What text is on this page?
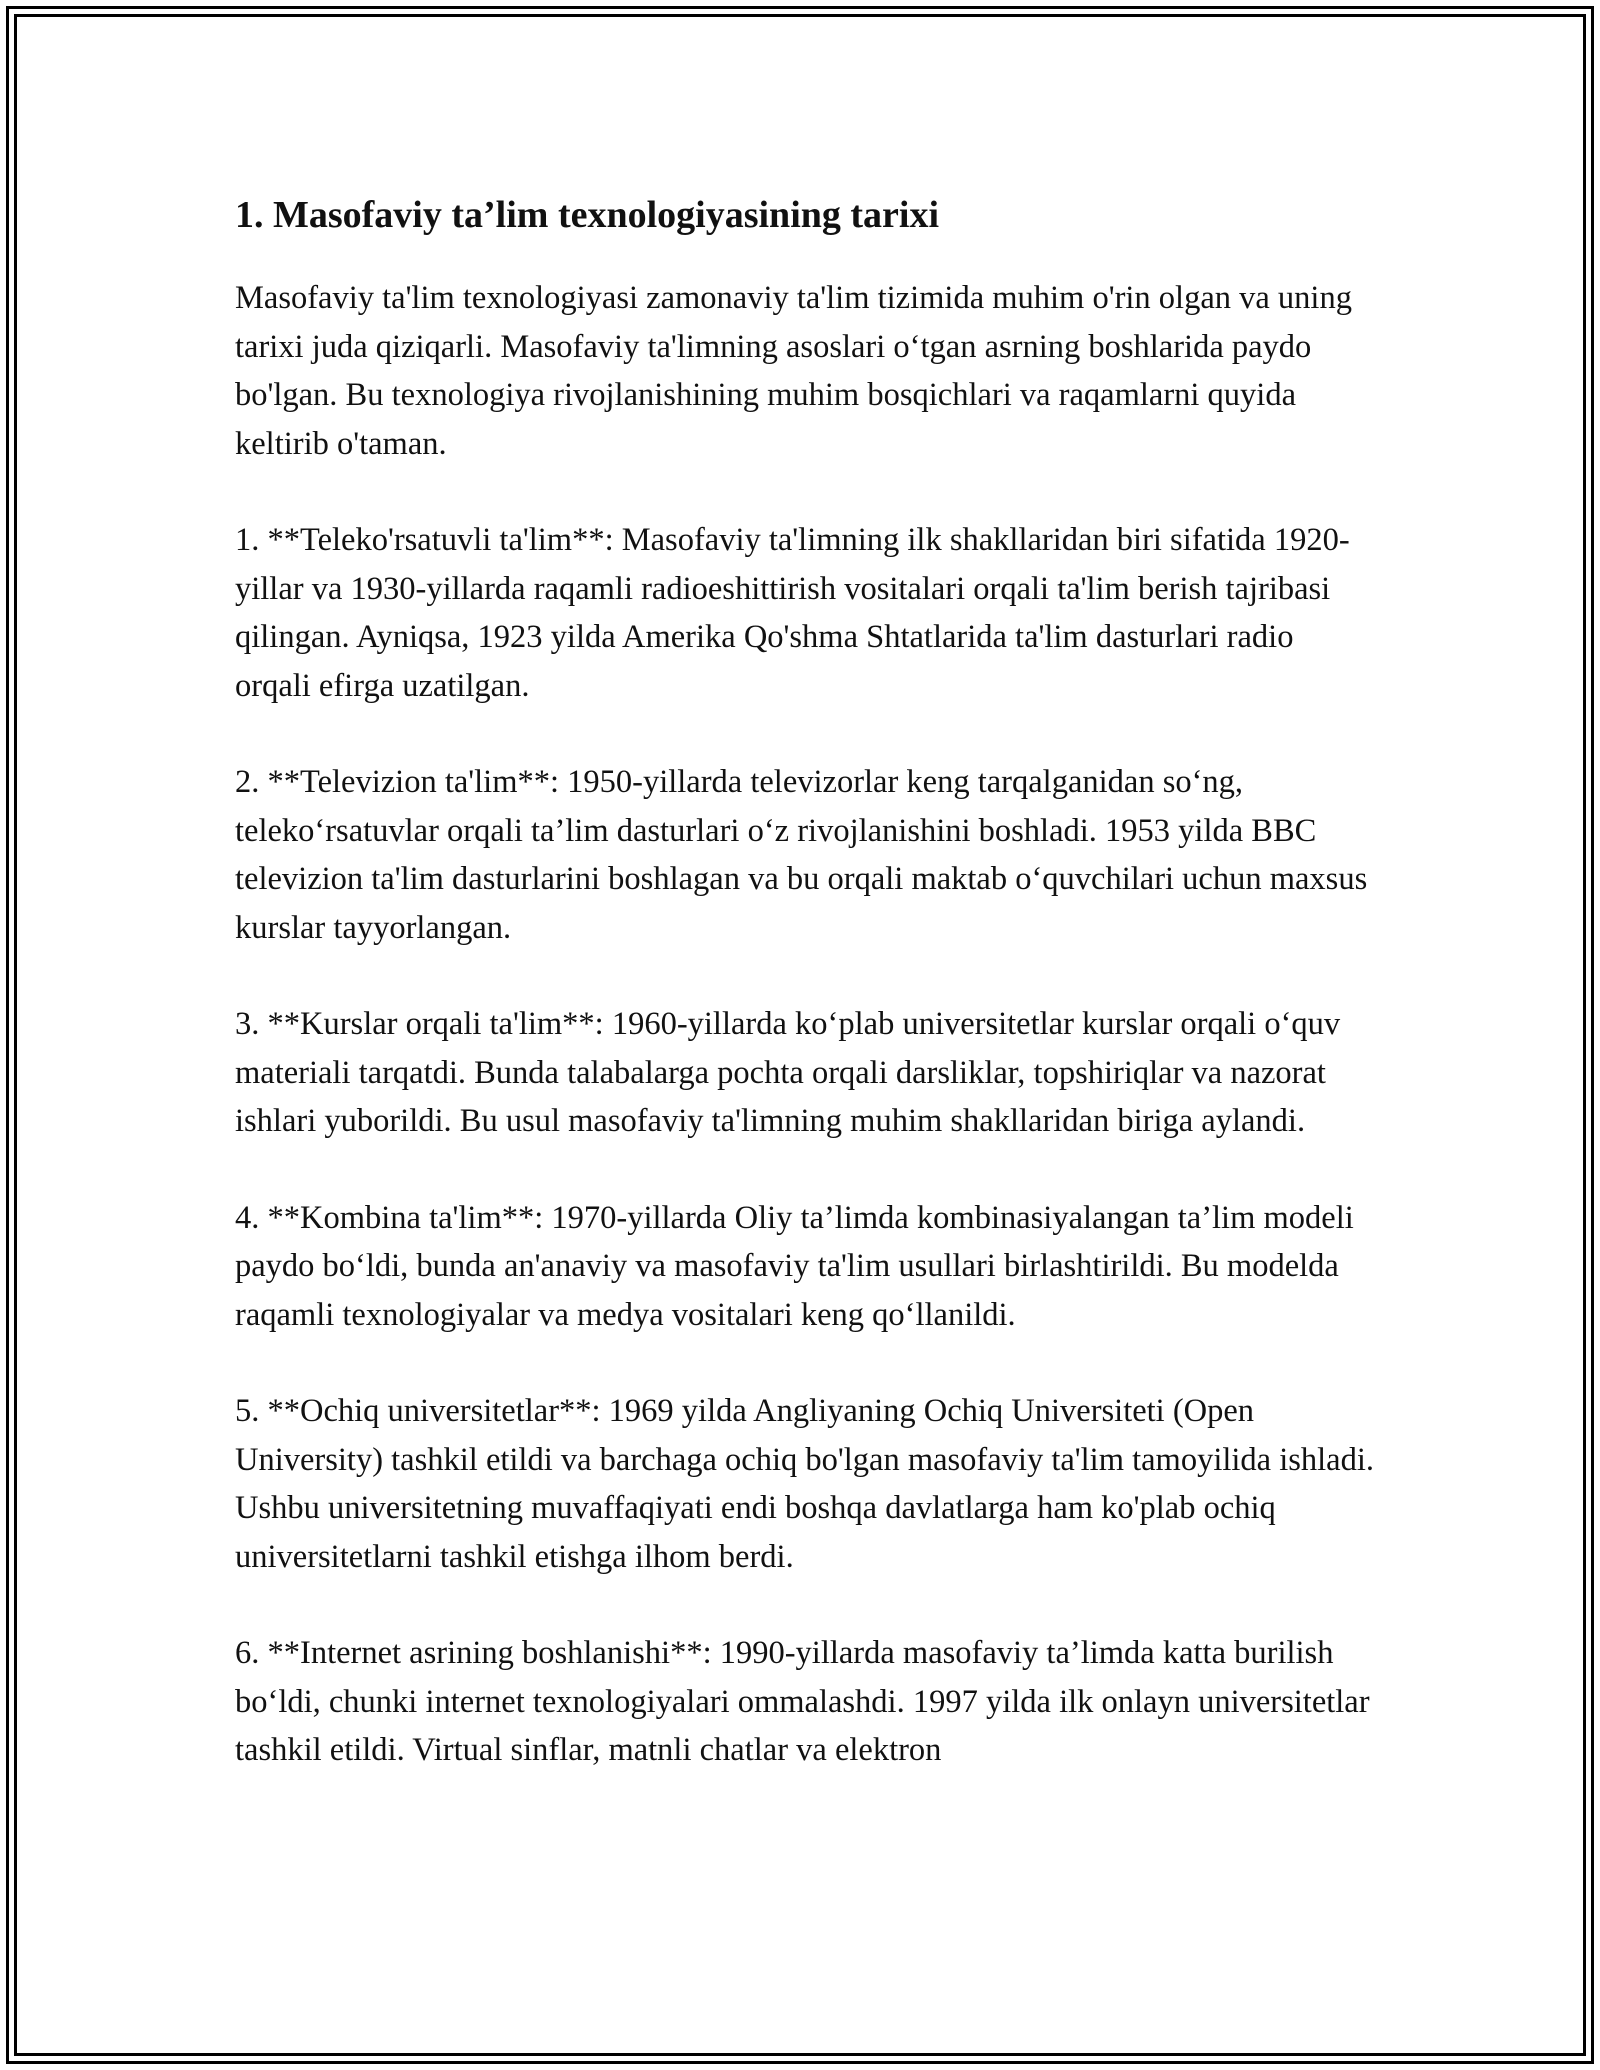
1. Masofaviy ta’lim texnologiyasining tarixi

Masofaviy ta'lim texnologiyasi zamonaviy ta'lim tizimida muhim o'rin olgan va uning tarixi juda qiziqarli. Masofaviy ta'limning asoslari o‘tgan asrning boshlarida paydo bo'lgan. Bu texnologiya rivojlanishining muhim bosqichlari va raqamlarni quyida keltirib o'taman.

1. **Teleko'rsatuvli ta'lim**: Masofaviy ta'limning ilk shakllaridan biri sifatida 1920-yillar va 1930-yillarda raqamli radioeshittirish vositalari orqali ta'lim berish tajribasi qilingan. Ayniqsa, 1923 yilda Amerika Qo'shma Shtatlarida ta'lim dasturlari radio orqali efirga uzatilgan.

2. **Televizion ta'lim**: 1950-yillarda televizorlar keng tarqalganidan so‘ng, teleko‘rsatuvlar orqali ta’lim dasturlari o‘z rivojlanishini boshladi. 1953 yilda BBC televizion ta'lim dasturlarini boshlagan va bu orqali maktab o‘quvchilari uchun maxsus kurslar tayyorlangan.

3. **Kurslar orqali ta'lim**: 1960-yillarda ko‘plab universitetlar kurslar orqali o‘quv materiali tarqatdi. Bunda talabalarga pochta orqali darsliklar, topshiriqlar va nazorat ishlari yuborildi. Bu usul masofaviy ta'limning muhim shakllaridan biriga aylandi.

4. **Kombina ta'lim**: 1970-yillarda Oliy ta’limda kombinasiyalangan ta’lim modeli paydo bo‘ldi, bunda an'anaviy va masofaviy ta'lim usullari birlashtirildi. Bu modelda raqamli texnologiyalar va medya vositalari keng qo‘llanildi.

5. **Ochiq universitetlar**: 1969 yilda Angliyaning Ochiq Universiteti (Open University) tashkil etildi va barchaga ochiq bo'lgan masofaviy ta'lim tamoyilida ishladi. Ushbu universitetning muvaffaqiyati endi boshqa davlatlarga ham ko'plab ochiq universitetlarni tashkil etishga ilhom berdi.

6. **Internet asrining boshlanishi**: 1990-yillarda masofaviy ta’limda katta burilish bo‘ldi, chunki internet texnologiyalari ommalashdi. 1997 yilda ilk onlayn universitetlar tashkil etildi. Virtual sinflar, matnli chatlar va elektron
